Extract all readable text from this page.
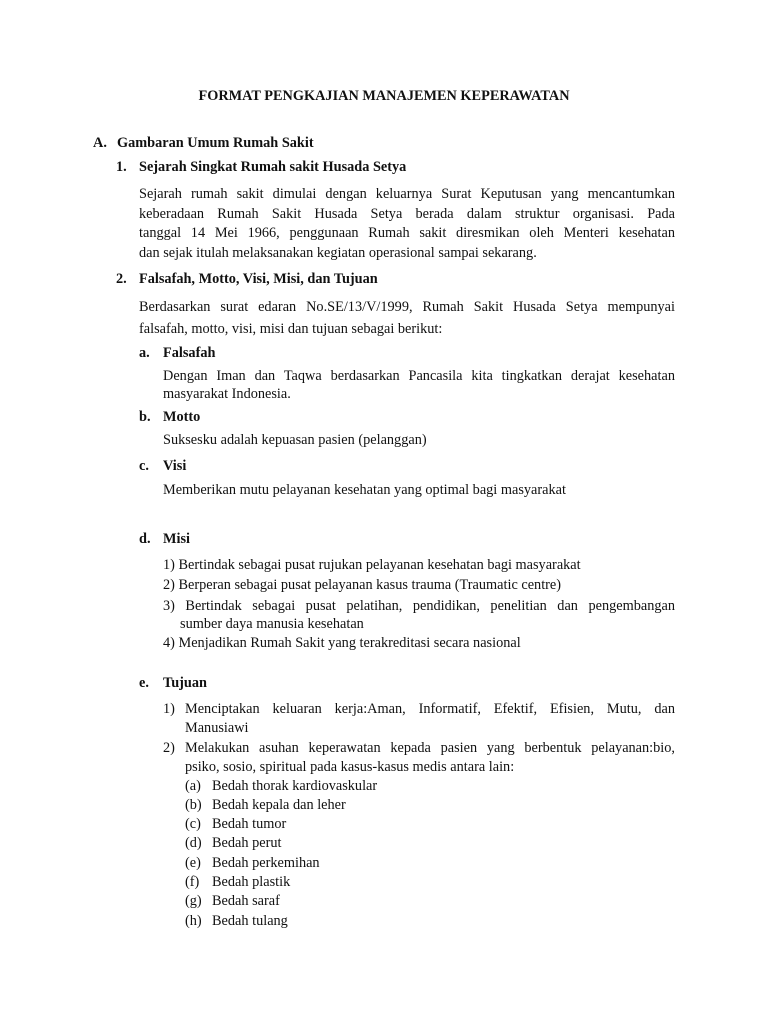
FORMAT PENGKAJIAN MANAJEMEN KEPERAWATAN
A. Gambaran Umum Rumah Sakit
1. Sejarah Singkat Rumah sakit Husada Setya
Sejarah rumah sakit dimulai dengan keluarnya Surat Keputusan yang mencantumkan
keberadaan Rumah Sakit Husada Setya berada dalam struktur organisasi. Pada
tanggal 14 Mei 1966, penggunaan Rumah sakit diresmikan oleh Menteri kesehatan
dan sejak itulah melaksanakan kegiatan operasional sampai sekarang.
2. Falsafah, Motto, Visi, Misi, dan Tujuan
Berdasarkan surat edaran No.SE/13/V/1999, Rumah Sakit Husada Setya mempunyai
falsafah, motto, visi, misi dan tujuan sebagai berikut:
a. Falsafah
Dengan Iman dan Taqwa berdasarkan Pancasila kita tingkatkan derajat kesehatan
masyarakat Indonesia.
b. Motto
Suksesku adalah kepuasan pasien (pelanggan)
c. Visi
Memberikan mutu pelayanan kesehatan yang optimal bagi masyarakat
d. Misi
1) Bertindak sebagai pusat rujukan pelayanan kesehatan bagi masyarakat
2) Berperan sebagai pusat pelayanan kasus trauma (Traumatic centre)
3) Bertindak sebagai pusat pelatihan, pendidikan, penelitian dan pengembangan
sumber daya manusia kesehatan
4) Menjadikan Rumah Sakit yang terakreditasi secara nasional
e. Tujuan
1) Menciptakan keluaran kerja:Aman, Informatif, Efektif, Efisien, Mutu, dan
Manusiawi
2) Melakukan asuhan keperawatan kepada pasien yang berbentuk pelayanan:bio,
psiko, sosio, spiritual pada kasus-kasus medis antara lain:
(a) Bedah thorak kardiovaskular
(b) Bedah kepala dan leher
(c) Bedah tumor
(d) Bedah perut
(e) Bedah perkemihan
(f) Bedah plastik
(g) Bedah saraf
(h) Bedah tulang
